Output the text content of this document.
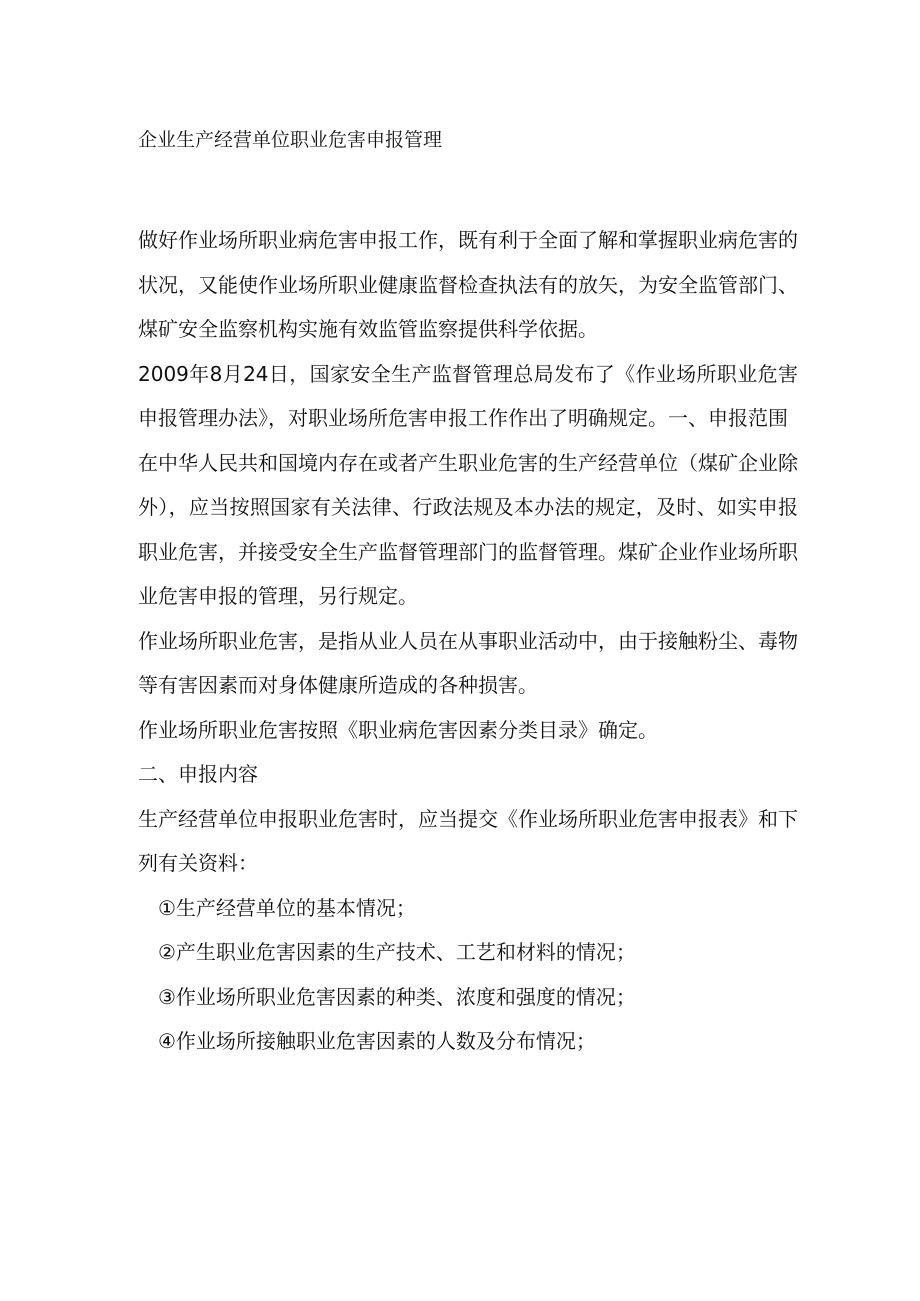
企业生产经营单位职业危害申报管理

做好作业场所职业病危害申报工作，既有利于全面了解和掌握职业病危害的状况，又能使作业场所职业健康监督检查执法有的放矢，为安全监管部门、煤矿安全监察机构实施有效监管监察提供科学依据。

2009年8月24日，国家安全生产监督管理总局发布了《作业场所职业危害申报管理办法》，对职业场所危害申报工作作出了明确规定。一、申报范围

在中华人民共和国境内存在或者产生职业危害的生产经营单位（煤矿企业除外），应当按照国家有关法律、行政法规及本办法的规定，及时、如实申报职业危害，并接受安全生产监督管理部门的监督管理。煤矿企业作业场所职业危害申报的管理，另行规定。

作业场所职业危害，是指从业人员在从事职业活动中，由于接触粉尘、毒物等有害因素而对身体健康所造成的各种损害。

作业场所职业危害按照《职业病危害因素分类目录》确定。

二、申报内容

生产经营单位申报职业危害时，应当提交《作业场所职业危害申报表》和下列有关资料：

①生产经营单位的基本情况；

②产生职业危害因素的生产技术、工艺和材料的情况；

③作业场所职业危害因素的种类、浓度和强度的情况；

④作业场所接触职业危害因素的人数及分布情况；
